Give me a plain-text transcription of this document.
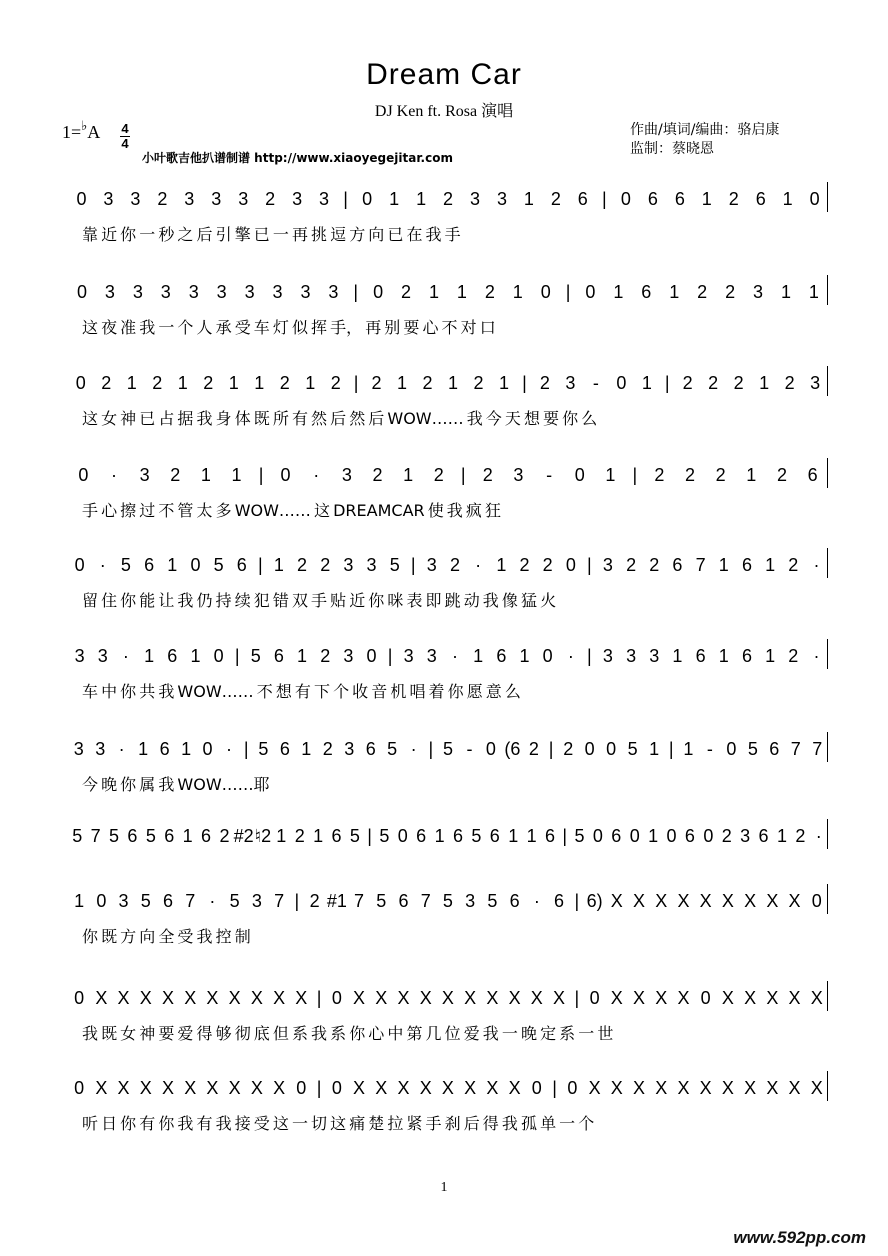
Dream Car
DJ Ken ft. Rosa 演唱
1=♭A 4
4
小叶歌吉他扒谱制谱 http://www.xiaoyegejitar.com
作曲/填词/编曲：骆启康
监制：蔡晓恩
0 3 3 2 3 3 3 2 3 3 | 0 1 1 2 3 3 1 2 6 | 0 6 6 1 2 6 1 0
靠 近 你 一 秒 之 后 引 擎 已 一 再 挑 逗 方 向 已 在 我 手
0 3 3 3 3 3 3 3 3 3 | 0 2 1 1 2 1 0 | 0 1 6 1 2 2 3 1 1
这 夜 准 我 一 个 人 承 受 车 灯 似 挥 手， 再 别 要 心 不 对 口
0 2 1 2 1 2 1 1 2 1 2 | 2 1 2 1 2 1 | 2 3 - 0 1 | 2 2 2 1 2 3
这 女 神 已 占 据 我 身 体 既 所 有 然 后 然 后 WOW…… 我 今 天 想 要 你 么
0	·	3	2	1	1 | 0	·	3	2	1	2 | 2	3	-	0	1 | 2	2	2	1	2	6
手 心 擦 过 不 管 太 多 WOW…… 这 DREAMCAR 使 我 疯 狂
0 · 5 6 1 0 5 6 | 1 2 2 3 3 5 | 3 2 · 1 2 2 0 | 3 2 2 6 7 1 6 1 2 ·
留 住 你 能 让 我 仍 持 续 犯 错 双 手 贴 近 你 咪 表 即 跳 动 我 像 猛 火
3 3 · 1 6 1 0 | 5 6 1 2 3 0 | 3 3 · 1 6 1 0 · | 3 3 3 1 6 1 6 1 2 ·
车 中 你 共 我 WOW…… 不 想 有 下 个 收 音 机 唱 着 你 愿 意 么
3 3 · 1 6 1 0 · | 5 6 1 2 3 6 5 · | 5 - 0 (6 2 | 2 0 0 5 1 | 1 - 0 5 6 7 7
今 晚 你 属 我 WOW……耶
5 7 5 6 5 6 1 6 2 #2 ♮2 1 2 1 6 5 | 5 0 6 1 6 5 6 1 1 6 | 5 0 6 0 1 0 6 0 2 3 6 1 2 ·
1 0 3 5 6 7 · 5 3 7 | 2 #1 7 5 6 7 5 3 5 6 · 6 | 6) X X X X X X X X X 0
你 既 方 向 全 受 我 控 制
0 X X X X X X X X X X | 0 X X X X X X X X X X | 0 X X X X 0 X X X X X
我 既 女 神 要 爱 得 够 彻 底 但 系 我 系 你 心 中 第 几 位 爱 我 一 晚 定 系 一 世
0 X X X X X X X X X 0 | 0 X X X X X X X X 0 | 0 X X X X X X X X X X X
听 日 你 有 你 我 有 我 接 受 这 一 切 这 痛 楚 拉 紧 手 刹 后 得 我 孤 单 一 个
1
www.592pp.com
